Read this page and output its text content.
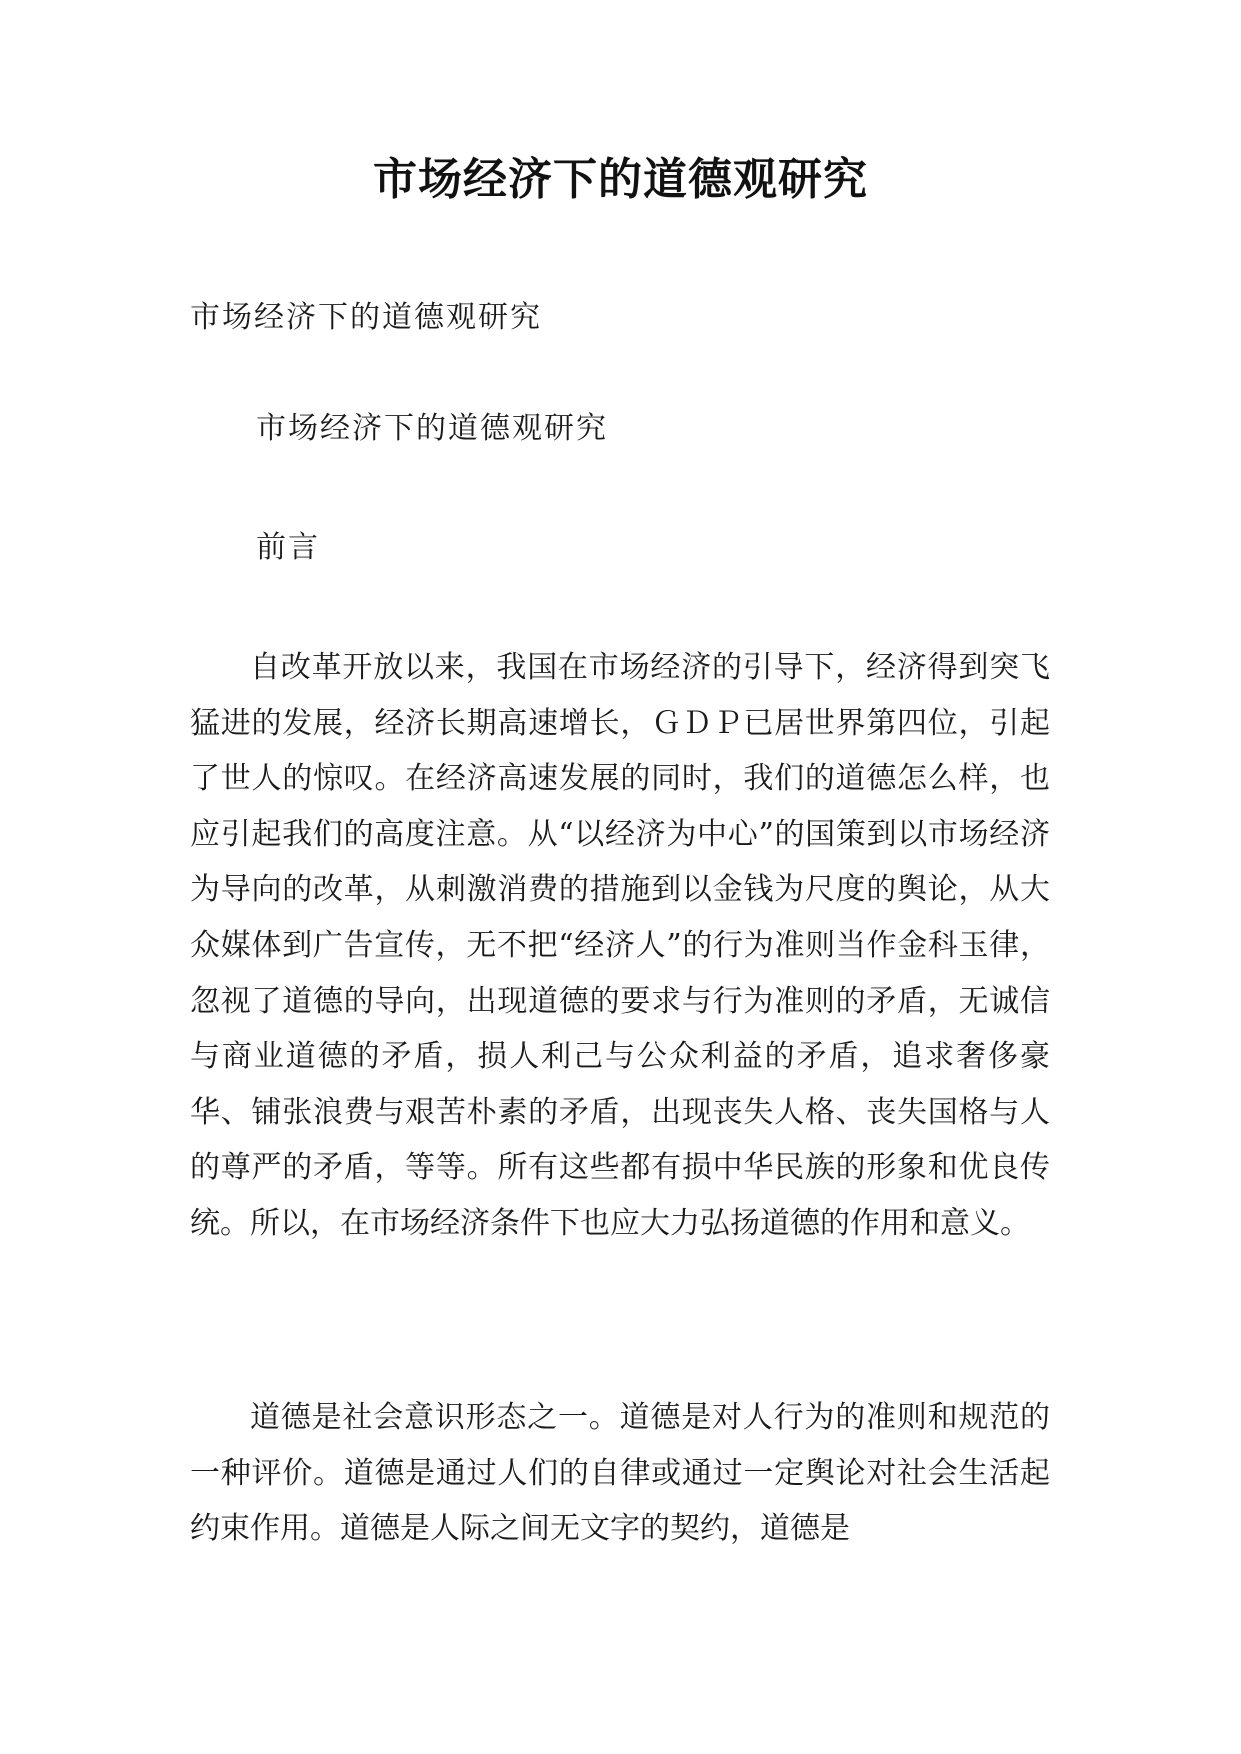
市场经济下的道德观研究
市场经济下的道德观研究
市场经济下的道德观研究
前言

自改革开放以来，我国在市场经济的引导下，经济得到突飞猛进的发展，经济长期高速增长，ＧＤＰ已居世界第四位，引起了世人的惊叹。在经济高速发展的同时，我们的道德怎么样，也应引起我们的高度注意。从“以经济为中心”的国策到以市场经济为导向的改革，从刺激消费的措施到以金钱为尺度的舆论，从大众媒体到广告宣传，无不把“经济人”的行为准则当作金科玉律，忽视了道德的导向，出现道德的要求与行为准则的矛盾，无诚信与商业道德的矛盾，损人利己与公众利益的矛盾，追求奢侈豪华、铺张浪费与艰苦朴素的矛盾，出现丧失人格、丧失国格与人的尊严的矛盾，等等。所有这些都有损中华民族的形象和优良传统。所以，在市场经济条件下也应大力弘扬道德的作用和意义。

道德是社会意识形态之一。道德是对人行为的准则和规范的一种评价。道德是通过人们的自律或通过一定舆论对社会生活起约束作用。道德是人际之间无文字的契约，道德是
